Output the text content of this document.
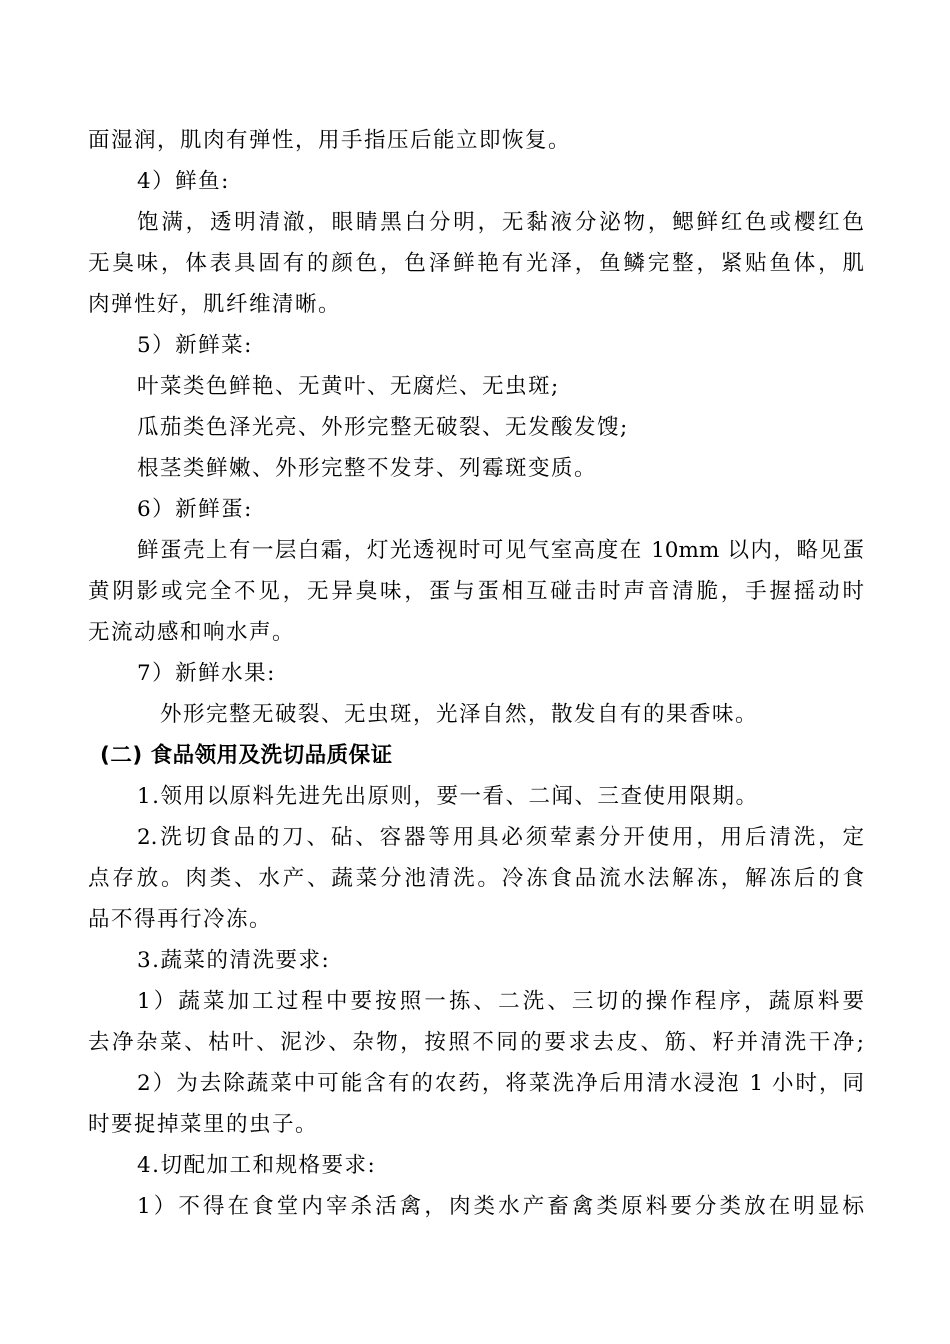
面湿润，肌肉有弹性，用手指压后能立即恢复。
4）鲜鱼:
饱满，透明清澈，眼睛黑白分明，无黏液分泌物，鳃鲜红色或樱红色
无臭味，体表具固有的颜色，色泽鲜艳有光泽，鱼鳞完整，紧贴鱼体，肌
肉弹性好，肌纤维清晰。
5）新鲜菜:
叶菜类色鲜艳、无黄叶、无腐烂、无虫斑;
瓜茄类色泽光亮、外形完整无破裂、无发酸发馊;
根茎类鲜嫩、外形完整不发芽、列霉斑变质。
6）新鲜蛋:
鲜蛋壳上有一层白霜，灯光透视时可见气室高度在 10mm 以内，略见蛋
黄阴影或完全不见，无异臭味，蛋与蛋相互碰击时声音清脆，手握摇动时
无流动感和响水声。
7）新鲜水果:
外形完整无破裂、无虫斑，光泽自然，散发自有的果香味。
(二) 食品领用及洗切品质保证
1.领用以原料先进先出原则，要一看、二闻、三查使用限期。
2.洗切食品的刀、砧、容器等用具必须荤素分开使用，用后清洗，定
点存放。肉类、水产、蔬菜分池清洗。冷冻食品流水法解冻，解冻后的食
品不得再行冷冻。
3.蔬菜的清洗要求:
1）蔬菜加工过程中要按照一拣、二洗、三切的操作程序，蔬原料要
去净杂菜、枯叶、泥沙、杂物，按照不同的要求去皮、筋、籽并清洗干净;
2）为去除蔬菜中可能含有的农药，将菜洗净后用清水浸泡 1 小时，同
时要捉掉菜里的虫子。
4.切配加工和规格要求:
1）不得在食堂内宰杀活禽，肉类水产畜禽类原料要分类放在明显标
